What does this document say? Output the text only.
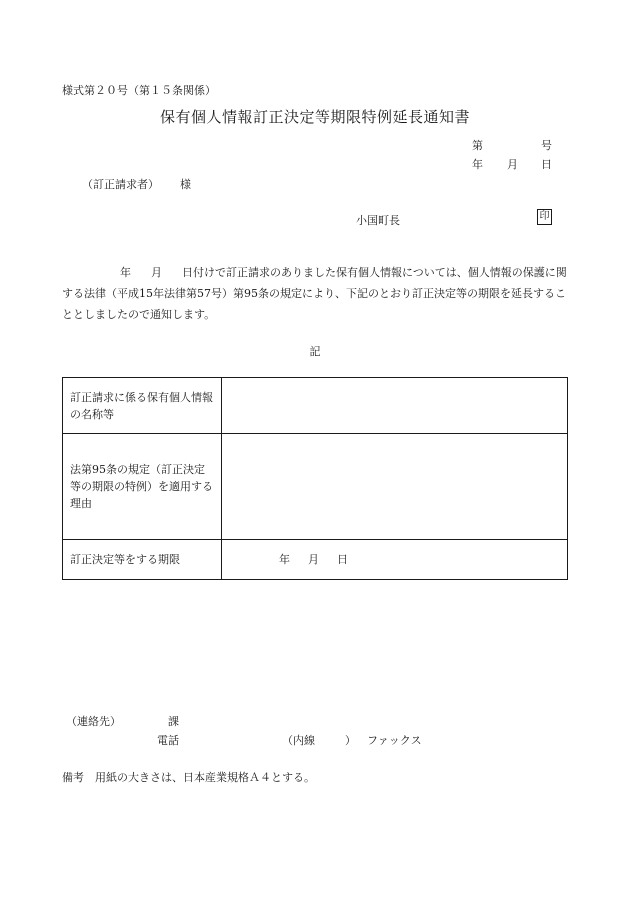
様式第２０号（第１５条関係）
保有個人情報訂正決定等期限特例延長通知書
第	号
年 月 日
（訂正請求者） 様
小国町長	印
年 月 日付けで訂正請求のありました保有個人情報については、個人情報の保護に関する法律（平成15年法律第57号）第95条の規定により、下記のとおり訂正決定等の期限を延長することとしましたので通知します。
記
訂正請求に係る保有個人情報の名称等	
法第95条の規定（訂正決定等の期限の特例）を適用する理由	
訂正決定等をする期限	年 月 日
（連絡先）	課
電話	（内線	） ファックス
備考　用紙の大きさは、日本産業規格Ａ４とする。
